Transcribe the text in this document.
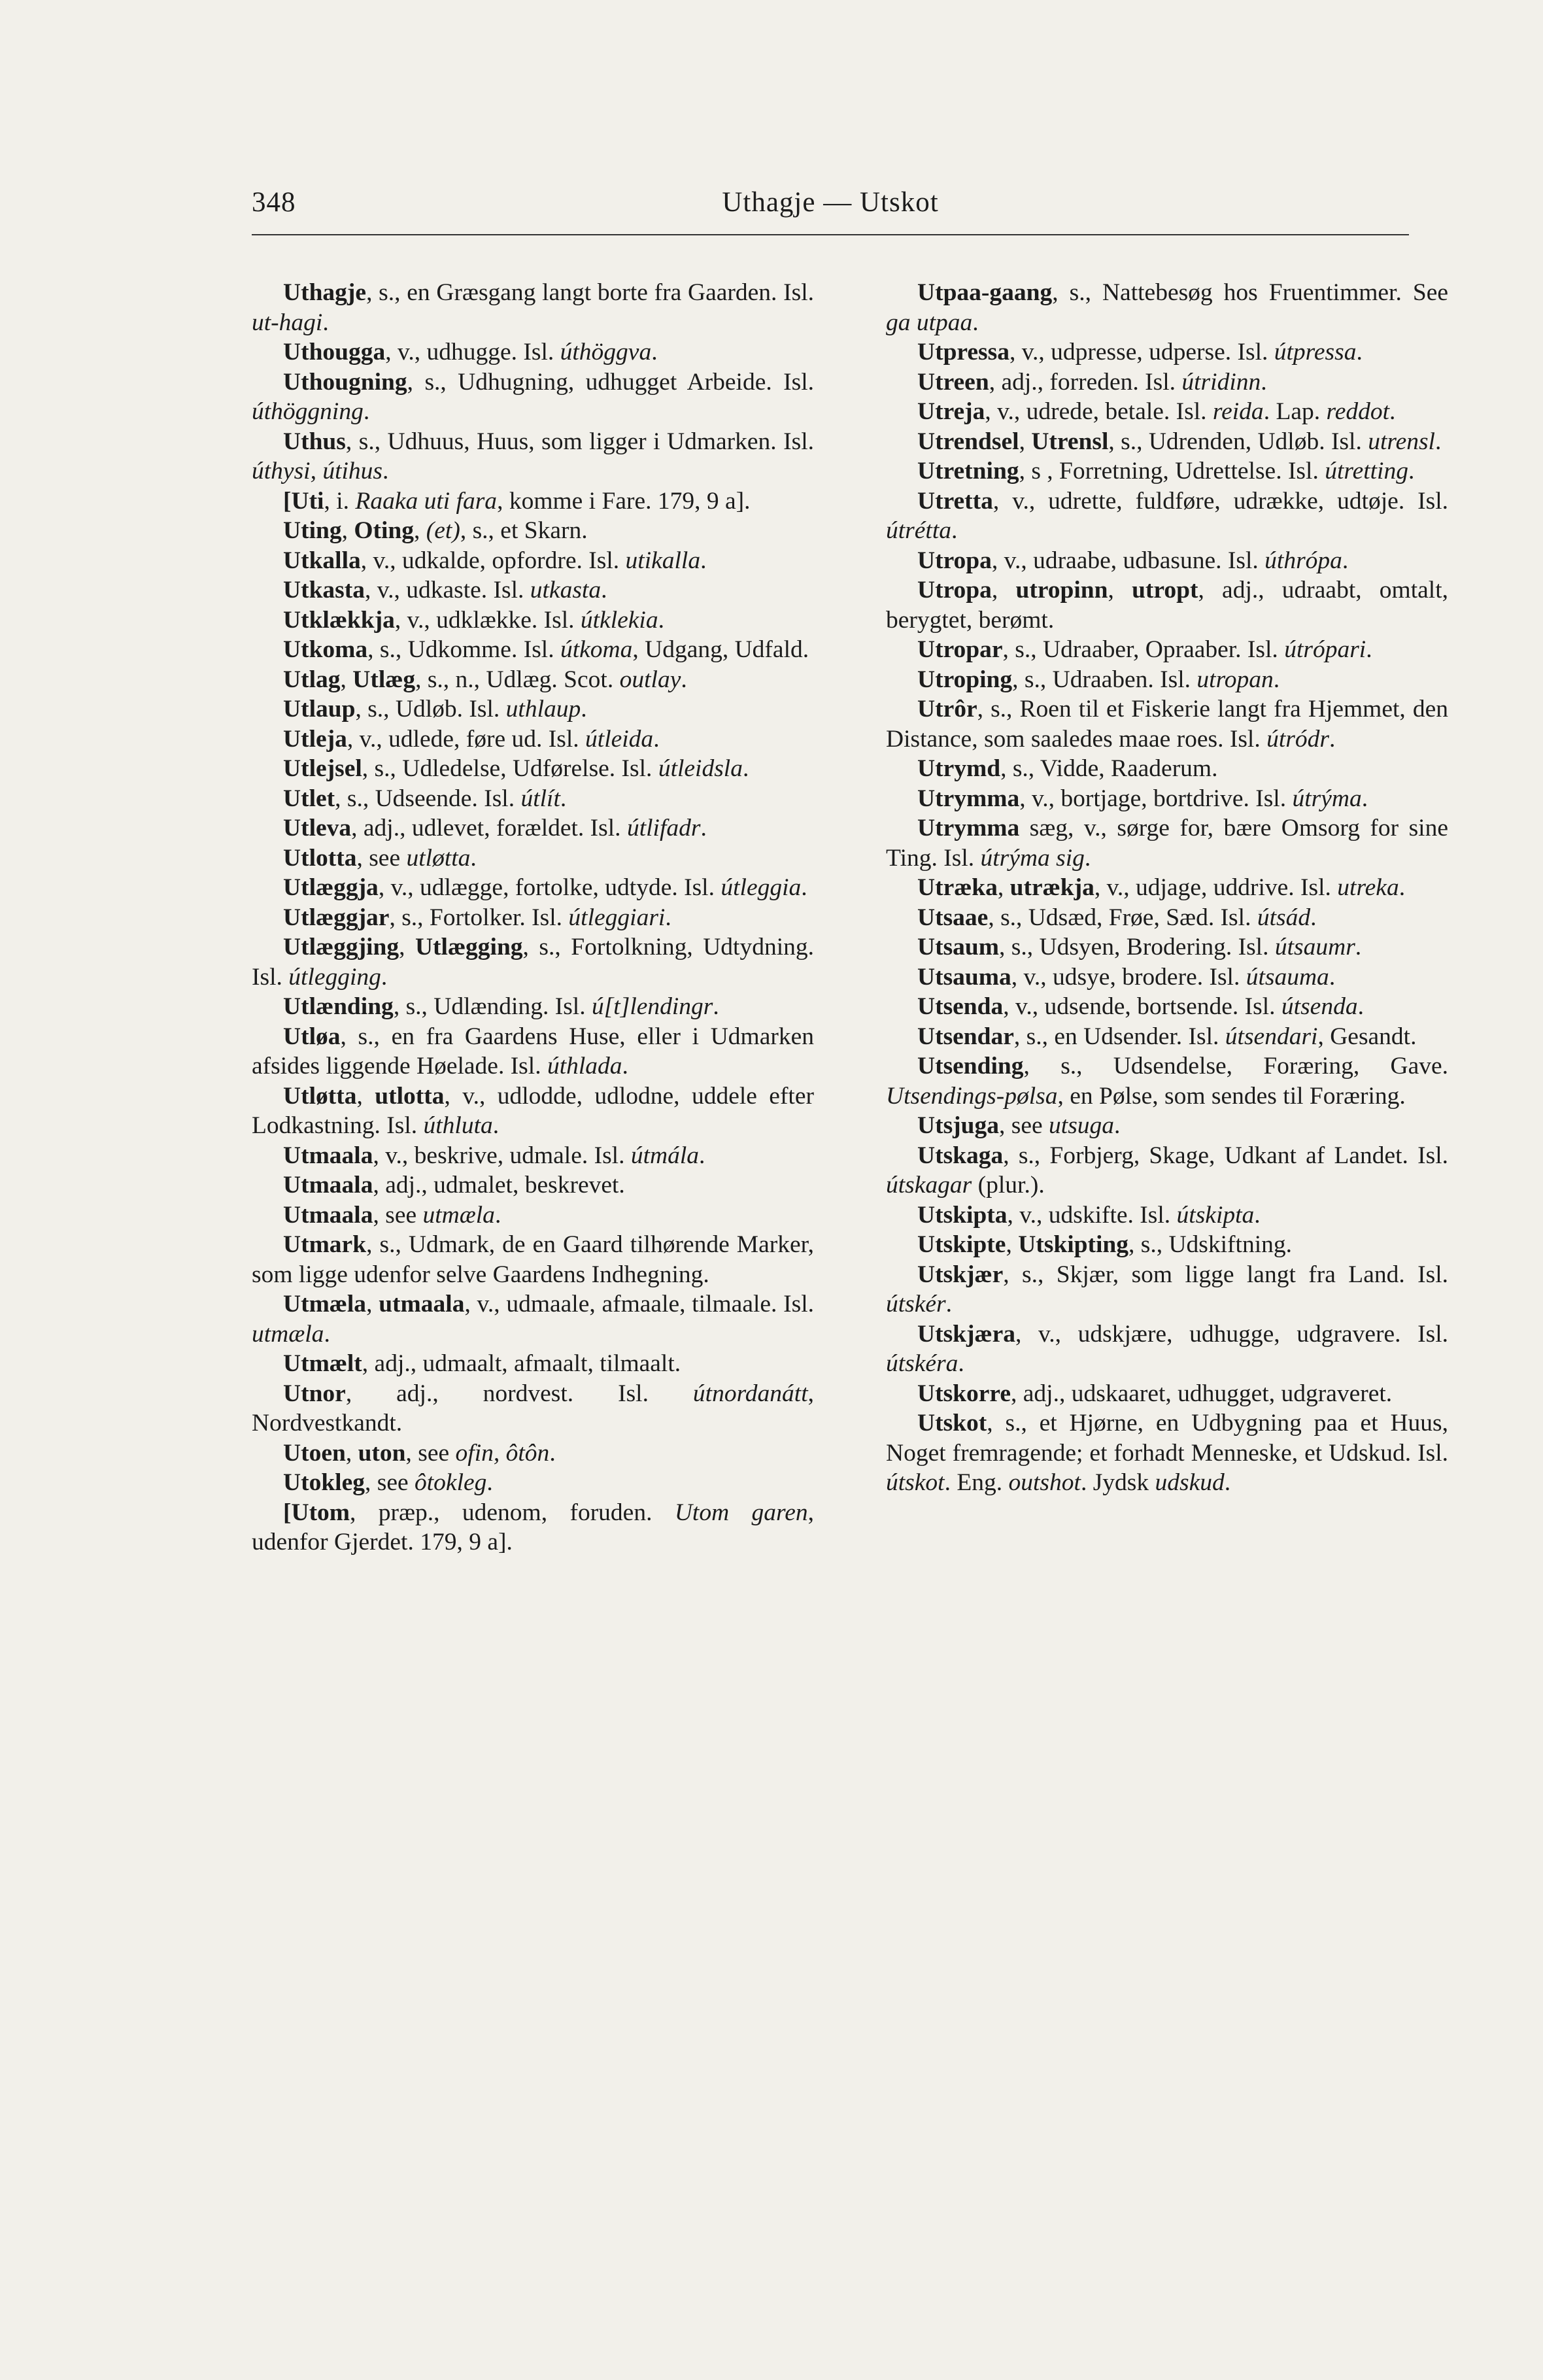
348	Uthagje — Utskot

Uthagje, s., en Græsgang langt borte fra Gaarden. Isl. ut-hagi.

Uthougga, v., udhugge. Isl. úthöggva.

Uthougning, s., Udhugning, udhugget Arbeide. Isl. úthöggning.

Uthus, s., Udhuus, Huus, som ligger i Udmarken. Isl. úthysi, útihus.

[Uti, i. Raaka uti fara, komme i Fare. 179, 9 a].

Uting, Oting, (et), s., et Skarn.

Utkalla, v., udkalde, opfordre. Isl. utikalla.

Utkasta, v., udkaste. Isl. utkasta.

Utklækkja, v., udklække. Isl. útklekia.

Utkoma, s., Udkomme. Isl. útkoma, Udgang, Udfald.

Utlag, Utlæg, s., n., Udlæg. Scot. outlay.

Utlaup, s., Udløb. Isl. uthlaup.

Utleja, v., udlede, føre ud. Isl. útleida.

Utlejsel, s., Udledelse, Udførelse. Isl. útleidsla.

Utlet, s., Udseende. Isl. útlít.

Utleva, adj., udlevet, forældet. Isl. útlifadr.

Utlotta, see utløtta.

Utlæggja, v., udlægge, fortolke, udtyde. Isl. útleggia.

Utlæggjar, s., Fortolker. Isl. útleggiari.

Utlæggjing, Utlægging, s., Fortolkning, Udtydning. Isl. útlegging.

Utlænding, s., Udlænding. Isl. ú[t]lendingr.

Utløa, s., en fra Gaardens Huse, eller i Udmarken afsides liggende Høelade. Isl. úthlada.

Utløtta, utlotta, v., udlodde, udlodne, uddele efter Lodkastning. Isl. úthluta.

Utmaala, v., beskrive, udmale. Isl. útmála.

Utmaala, adj., udmalet, beskrevet.

Utmaala, see utmæla.

Utmark, s., Udmark, de en Gaard tilhørende Marker, som ligge udenfor selve Gaardens Indhegning.

Utmæla, utmaala, v., udmaale, afmaale, tilmaale. Isl. utmæla.

Utmælt, adj., udmaalt, afmaalt, tilmaalt.

Utnor, adj., nordvest. Isl. útnordanátt, Nordvestkandt.

Utoen, uton, see ofin, ôtôn.

Utokleg, see ôtokleg.

[Utom, præp., udenom, foruden. Utom garen, udenfor Gjerdet. 179, 9 a].

Utpaa-gaang, s., Nattebesøg hos Fruentimmer. See ga utpaa.

Utpressa, v., udpresse, udperse. Isl. útpressa.

Utreen, adj., forreden. Isl. útridinn.

Utreja, v., udrede, betale. Isl. reida. Lap. reddot.

Utrendsel, Utrensl, s., Udrenden, Udløb. Isl. utrensl.

Utretning, s , Forretning, Udrettelse. Isl. útretting.

Utretta, v., udrette, fuldføre, udrække, udtøje. Isl. útrétta.

Utropa, v., udraabe, udbasune. Isl. úthrópa.

Utropa, utropinn, utropt, adj., udraabt, omtalt, berygtet, berømt.

Utropar, s., Udraaber, Opraaber. Isl. útrópari.

Utroping, s., Udraaben. Isl. utropan.

Utrôr, s., Roen til et Fiskerie langt fra Hjemmet, den Distance, som saaledes maae roes. Isl. útródr.

Utrymd, s., Vidde, Raaderum.

Utrymma, v., bortjage, bortdrive. Isl. útrýma.

Utrymma sæg, v., sørge for, bære Omsorg for sine Ting. Isl. útrýma sig.

Utræka, utrækja, v., udjage, uddrive. Isl. utreka.

Utsaae, s., Udsæd, Frøe, Sæd. Isl. útsád.

Utsaum, s., Udsyen, Brodering. Isl. útsaumr.

Utsauma, v., udsye, brodere. Isl. útsauma.

Utsenda, v., udsende, bortsende. Isl. útsenda.

Utsendar, s., en Udsender. Isl. útsendari, Gesandt.

Utsending, s., Udsendelse, Foræring, Gave. Utsendings-pølsa, en Pølse, som sendes til Foræring.

Utsjuga, see utsuga.

Utskaga, s., Forbjerg, Skage, Udkant af Landet. Isl. útskagar (plur.).

Utskipta, v., udskifte. Isl. útskipta.

Utskipte, Utskipting, s., Udskiftning.

Utskjær, s., Skjær, som ligge langt fra Land. Isl. útskér.

Utskjæra, v., udskjære, udhugge, udgravere. Isl. útskéra.

Utskorre, adj., udskaaret, udhugget, udgraveret.

Utskot, s., et Hjørne, en Udbygning paa et Huus, Noget fremragende; et forhadt Menneske, et Udskud. Isl. útskot. Eng. outshot. Jydsk udskud.
